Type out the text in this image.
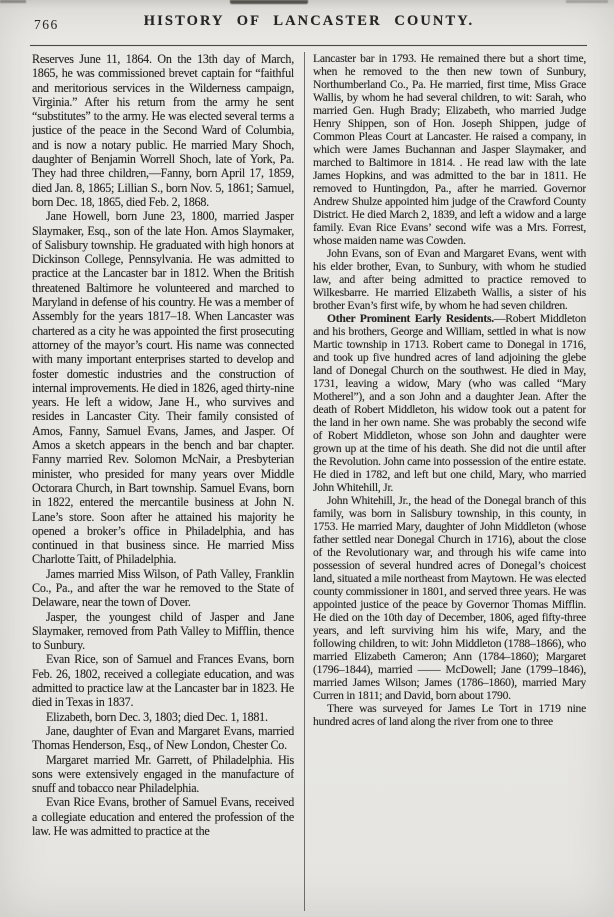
766	HISTORY OF LANCASTER COUNTY.

Reserves June 11, 1864. On the 13th day of March, 1865, he was commissioned brevet captain for “faithful and meritorious services in the Wilderness campaign, Virginia.” After his return from the army he sent “substitutes” to the army. He was elected several terms a justice of the peace in the Second Ward of Columbia, and is now a notary public. He married Mary Shoch, daughter of Benjamin Worrell Shoch, late of York, Pa. They had three children,—Fanny, born April 17, 1859, died Jan. 8, 1865; Lillian S., born Nov. 5, 1861; Samuel, born Dec. 18, 1865, died Feb. 2, 1868.

Jane Howell, born June 23, 1800, married Jasper Slaymaker, Esq., son of the late Hon. Amos Slaymaker, of Salisbury township. He graduated with high honors at Dickinson College, Pennsylvania. He was admitted to practice at the Lancaster bar in 1812. When the British threatened Baltimore he volunteered and marched to Maryland in defense of his country. He was a member of Assembly for the years 1817–18. When Lancaster was chartered as a city he was appointed the first prosecuting attorney of the mayor’s court. His name was connected with many important enterprises started to develop and foster domestic industries and the construction of internal improvements. He died in 1826, aged thirty-nine years. He left a widow, Jane H., who survives and resides in Lancaster City. Their family consisted of Amos, Fanny, Samuel Evans, James, and Jasper. Of Amos a sketch appears in the bench and bar chapter. Fanny married Rev. Solomon McNair, a Presbyterian minister, who presided for many years over Middle Octorara Church, in Bart township. Samuel Evans, born in 1822, entered the mercantile business at John N. Lane’s store. Soon after he attained his majority he opened a broker’s office in Philadelphia, and has continued in that business since. He married Miss Charlotte Taitt, of Philadelphia.

James married Miss Wilson, of Path Valley, Franklin Co., Pa., and after the war he removed to the State of Delaware, near the town of Dover.

Jasper, the youngest child of Jasper and Jane Slaymaker, removed from Path Valley to Mifflin, thence to Sunbury.

Evan Rice, son of Samuel and Frances Evans, born Feb. 26, 1802, received a collegiate education, and was admitted to practice law at the Lancaster bar in 1823. He died in Texas in 1837.

Elizabeth, born Dec. 3, 1803; died Dec. 1, 1881.

Jane, daughter of Evan and Margaret Evans, married Thomas Henderson, Esq., of New London, Chester Co.

Margaret married Mr. Garrett, of Philadelphia. His sons were extensively engaged in the manufacture of snuff and tobacco near Philadelphia.

Evan Rice Evans, brother of Samuel Evans, received a collegiate education and entered the profession of the law. He was admitted to practice at the

Lancaster bar in 1793. He remained there but a short time, when he removed to the then new town of Sunbury, Northumberland Co., Pa. He married, first time, Miss Grace Wallis, by whom he had several children, to wit: Sarah, who married Gen. Hugh Brady; Elizabeth, who married Judge Henry Shippen, son of Hon. Joseph Shippen, judge of Common Pleas Court at Lancaster. He raised a company, in which were James Buchannan and Jasper Slaymaker, and marched to Baltimore in 1814. . He read law with the late James Hopkins, and was admitted to the bar in 1811. He removed to Huntingdon, Pa., after he married. Governor Andrew Shulze appointed him judge of the Crawford County District. He died March 2, 1839, and left a widow and a large family. Evan Rice Evans’ second wife was a Mrs. Forrest, whose maiden name was Cowden.

John Evans, son of Evan and Margaret Evans, went with his elder brother, Evan, to Sunbury, with whom he studied law, and after being admitted to practice removed to Wilkesbarre. He married Elizabeth Wallis, a sister of his brother Evan’s first wife, by whom he had seven children.

Other Prominent Early Residents.—Robert Middleton and his brothers, George and William, settled in what is now Martic township in 1713. Robert came to Donegal in 1716, and took up five hundred acres of land adjoining the glebe land of Donegal Church on the southwest. He died in May, 1731, leaving a widow, Mary (who was called “Mary Motherel”), and a son John and a daughter Jean. After the death of Robert Middleton, his widow took out a patent for the land in her own name. She was probably the second wife of Robert Middleton, whose son John and daughter were grown up at the time of his death. She did not die until after the Revolution. John came into possession of the entire estate. He died in 1782, and left but one child, Mary, who married John Whitehill, Jr.

John Whitehill, Jr., the head of the Donegal branch of this family, was born in Salisbury township, in this county, in 1753. He married Mary, daughter of John Middleton (whose father settled near Donegal Church in 1716), about the close of the Revolutionary war, and through his wife came into possession of several hundred acres of Donegal’s choicest land, situated a mile northeast from Maytown. He was elected county commissioner in 1801, and served three years. He was appointed justice of the peace by Governor Thomas Mifflin. He died on the 10th day of December, 1806, aged fifty-three years, and left surviving him his wife, Mary, and the following children, to wit: John Middleton (1788–1866), who married Elizabeth Cameron; Ann (1784–1860); Margaret (1796–1844), married —— McDowell; Jane (1799–1846), married James Wilson; James (1786–1860), married Mary Curren in 1811; and David, born about 1790.

There was surveyed for James Le Tort in 1719 nine hundred acres of land along the river from one to three
